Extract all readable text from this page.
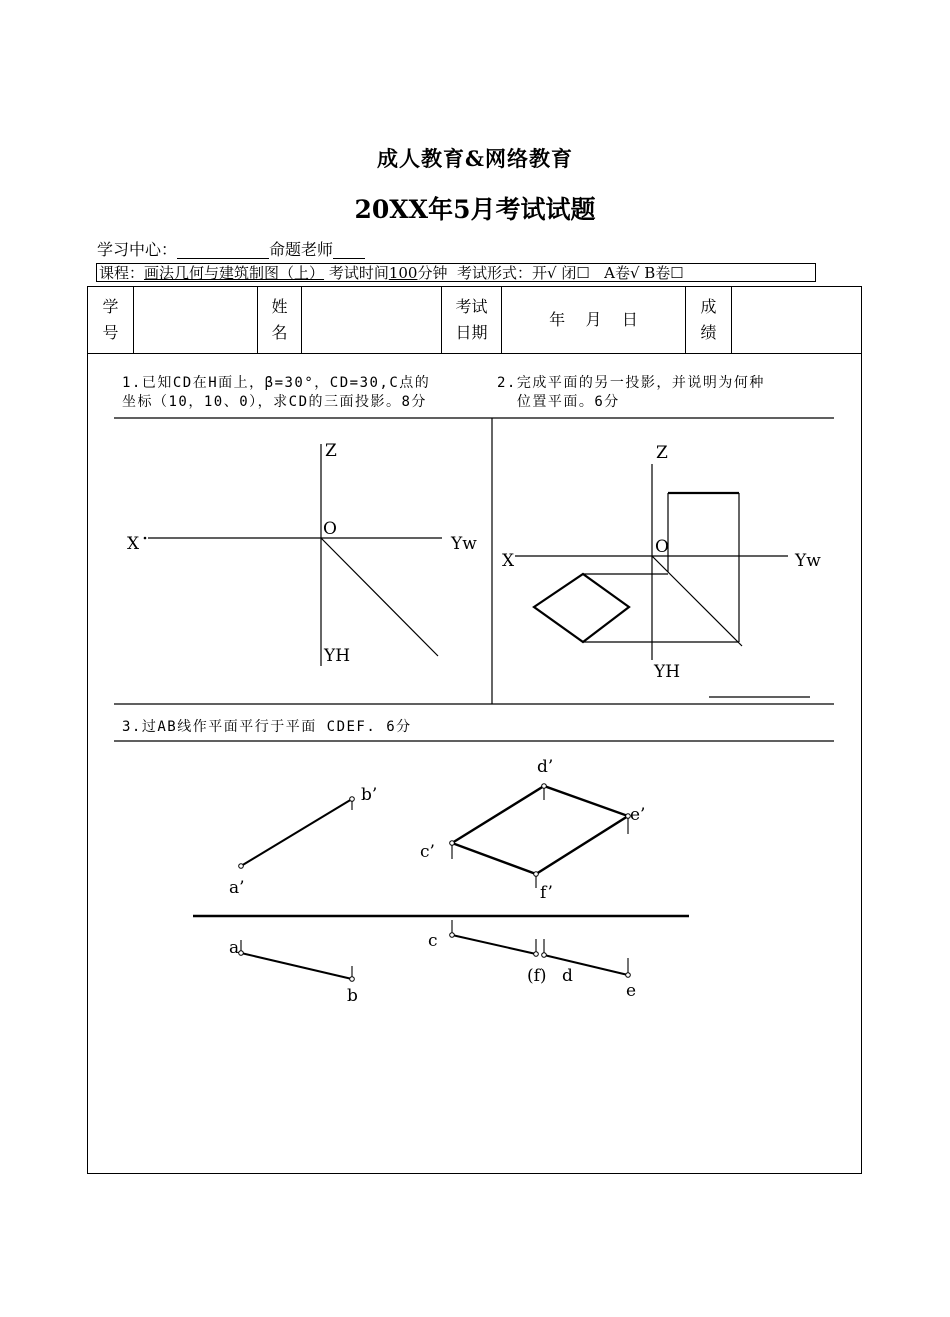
成人教育&网络教育
20XX年5月考试试题
学习中心：	命题老师
课程：画法几何与建筑制图（上） 考试时间100分钟 考试形式：开√ 闭☐ A卷√ B卷☐
学
号
姓
名
考试
日期
年    月    日
成
绩
1.已知CD在H面上，β=30°，CD=30,C点的
坐标（10，10、0），求CD的三面投影。8分
2.完成平面的另一投影，并说明为何种
位置平面。6分
3.过AB线作平面平行于平面 CDEF. 6分
X
Z
O
Yw
YH
X
Z
O
Yw
YH
a’
b’
c’
d’
e’
f’
a
b
c
(f) d
e
